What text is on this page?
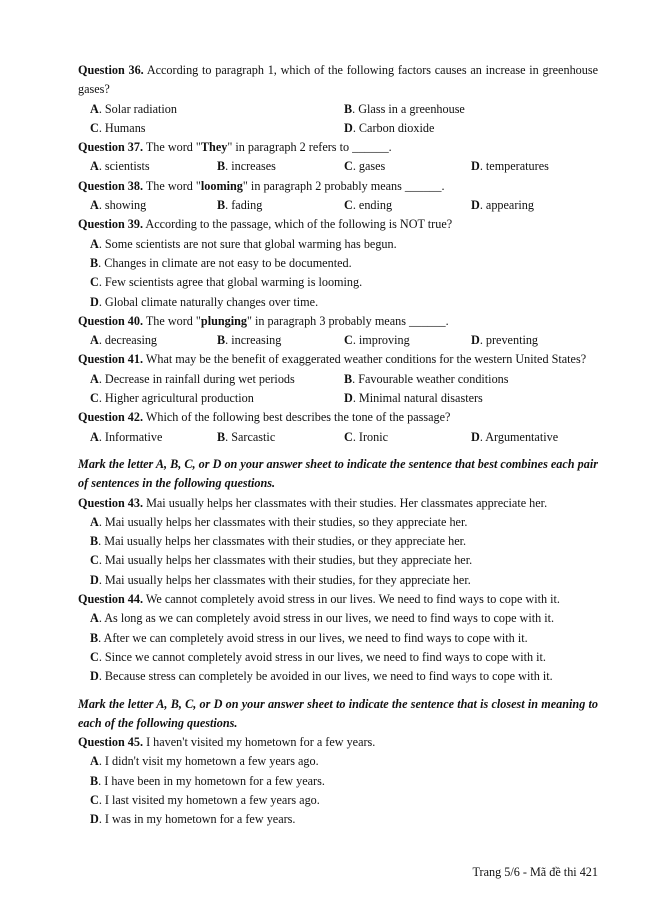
Question 36. According to paragraph 1, which of the following factors causes an increase in greenhouse gases?
A. Solar radiation	B. Glass in a greenhouse
C. Humans	D. Carbon dioxide
Question 37. The word "They" in paragraph 2 refers to ______.
A. scientists	B. increases	C. gases	D. temperatures
Question 38. The word "looming" in paragraph 2 probably means ______.
A. showing	B. fading	C. ending	D. appearing
Question 39. According to the passage, which of the following is NOT true?
A. Some scientists are not sure that global warming has begun.
B. Changes in climate are not easy to be documented.
C. Few scientists agree that global warming is looming.
D. Global climate naturally changes over time.
Question 40. The word "plunging" in paragraph 3 probably means ______.
A. decreasing	B. increasing	C. improving	D. preventing
Question 41. What may be the benefit of exaggerated weather conditions for the western United States?
A. Decrease in rainfall during wet periods	B. Favourable weather conditions
C. Higher agricultural production	D. Minimal natural disasters
Question 42. Which of the following best describes the tone of the passage?
A. Informative	B. Sarcastic	C. Ironic	D. Argumentative
Mark the letter A, B, C, or D on your answer sheet to indicate the sentence that best combines each pair of sentences in the following questions.
Question 43. Mai usually helps her classmates with their studies. Her classmates appreciate her.
A. Mai usually helps her classmates with their studies, so they appreciate her.
B. Mai usually helps her classmates with their studies, or they appreciate her.
C. Mai usually helps her classmates with their studies, but they appreciate her.
D. Mai usually helps her classmates with their studies, for they appreciate her.
Question 44. We cannot completely avoid stress in our lives. We need to find ways to cope with it.
A. As long as we can completely avoid stress in our lives, we need to find ways to cope with it.
B. After we can completely avoid stress in our lives, we need to find ways to cope with it.
C. Since we cannot completely avoid stress in our lives, we need to find ways to cope with it.
D. Because stress can completely be avoided in our lives, we need to find ways to cope with it.
Mark the letter A, B, C, or D on your answer sheet to indicate the sentence that is closest in meaning to each of the following questions.
Question 45. I haven't visited my hometown for a few years.
A. I didn't visit my hometown a few years ago.
B. I have been in my hometown for a few years.
C. I last visited my hometown a few years ago.
D. I was in my hometown for a few years.
Trang 5/6 - Mã đề thi 421
